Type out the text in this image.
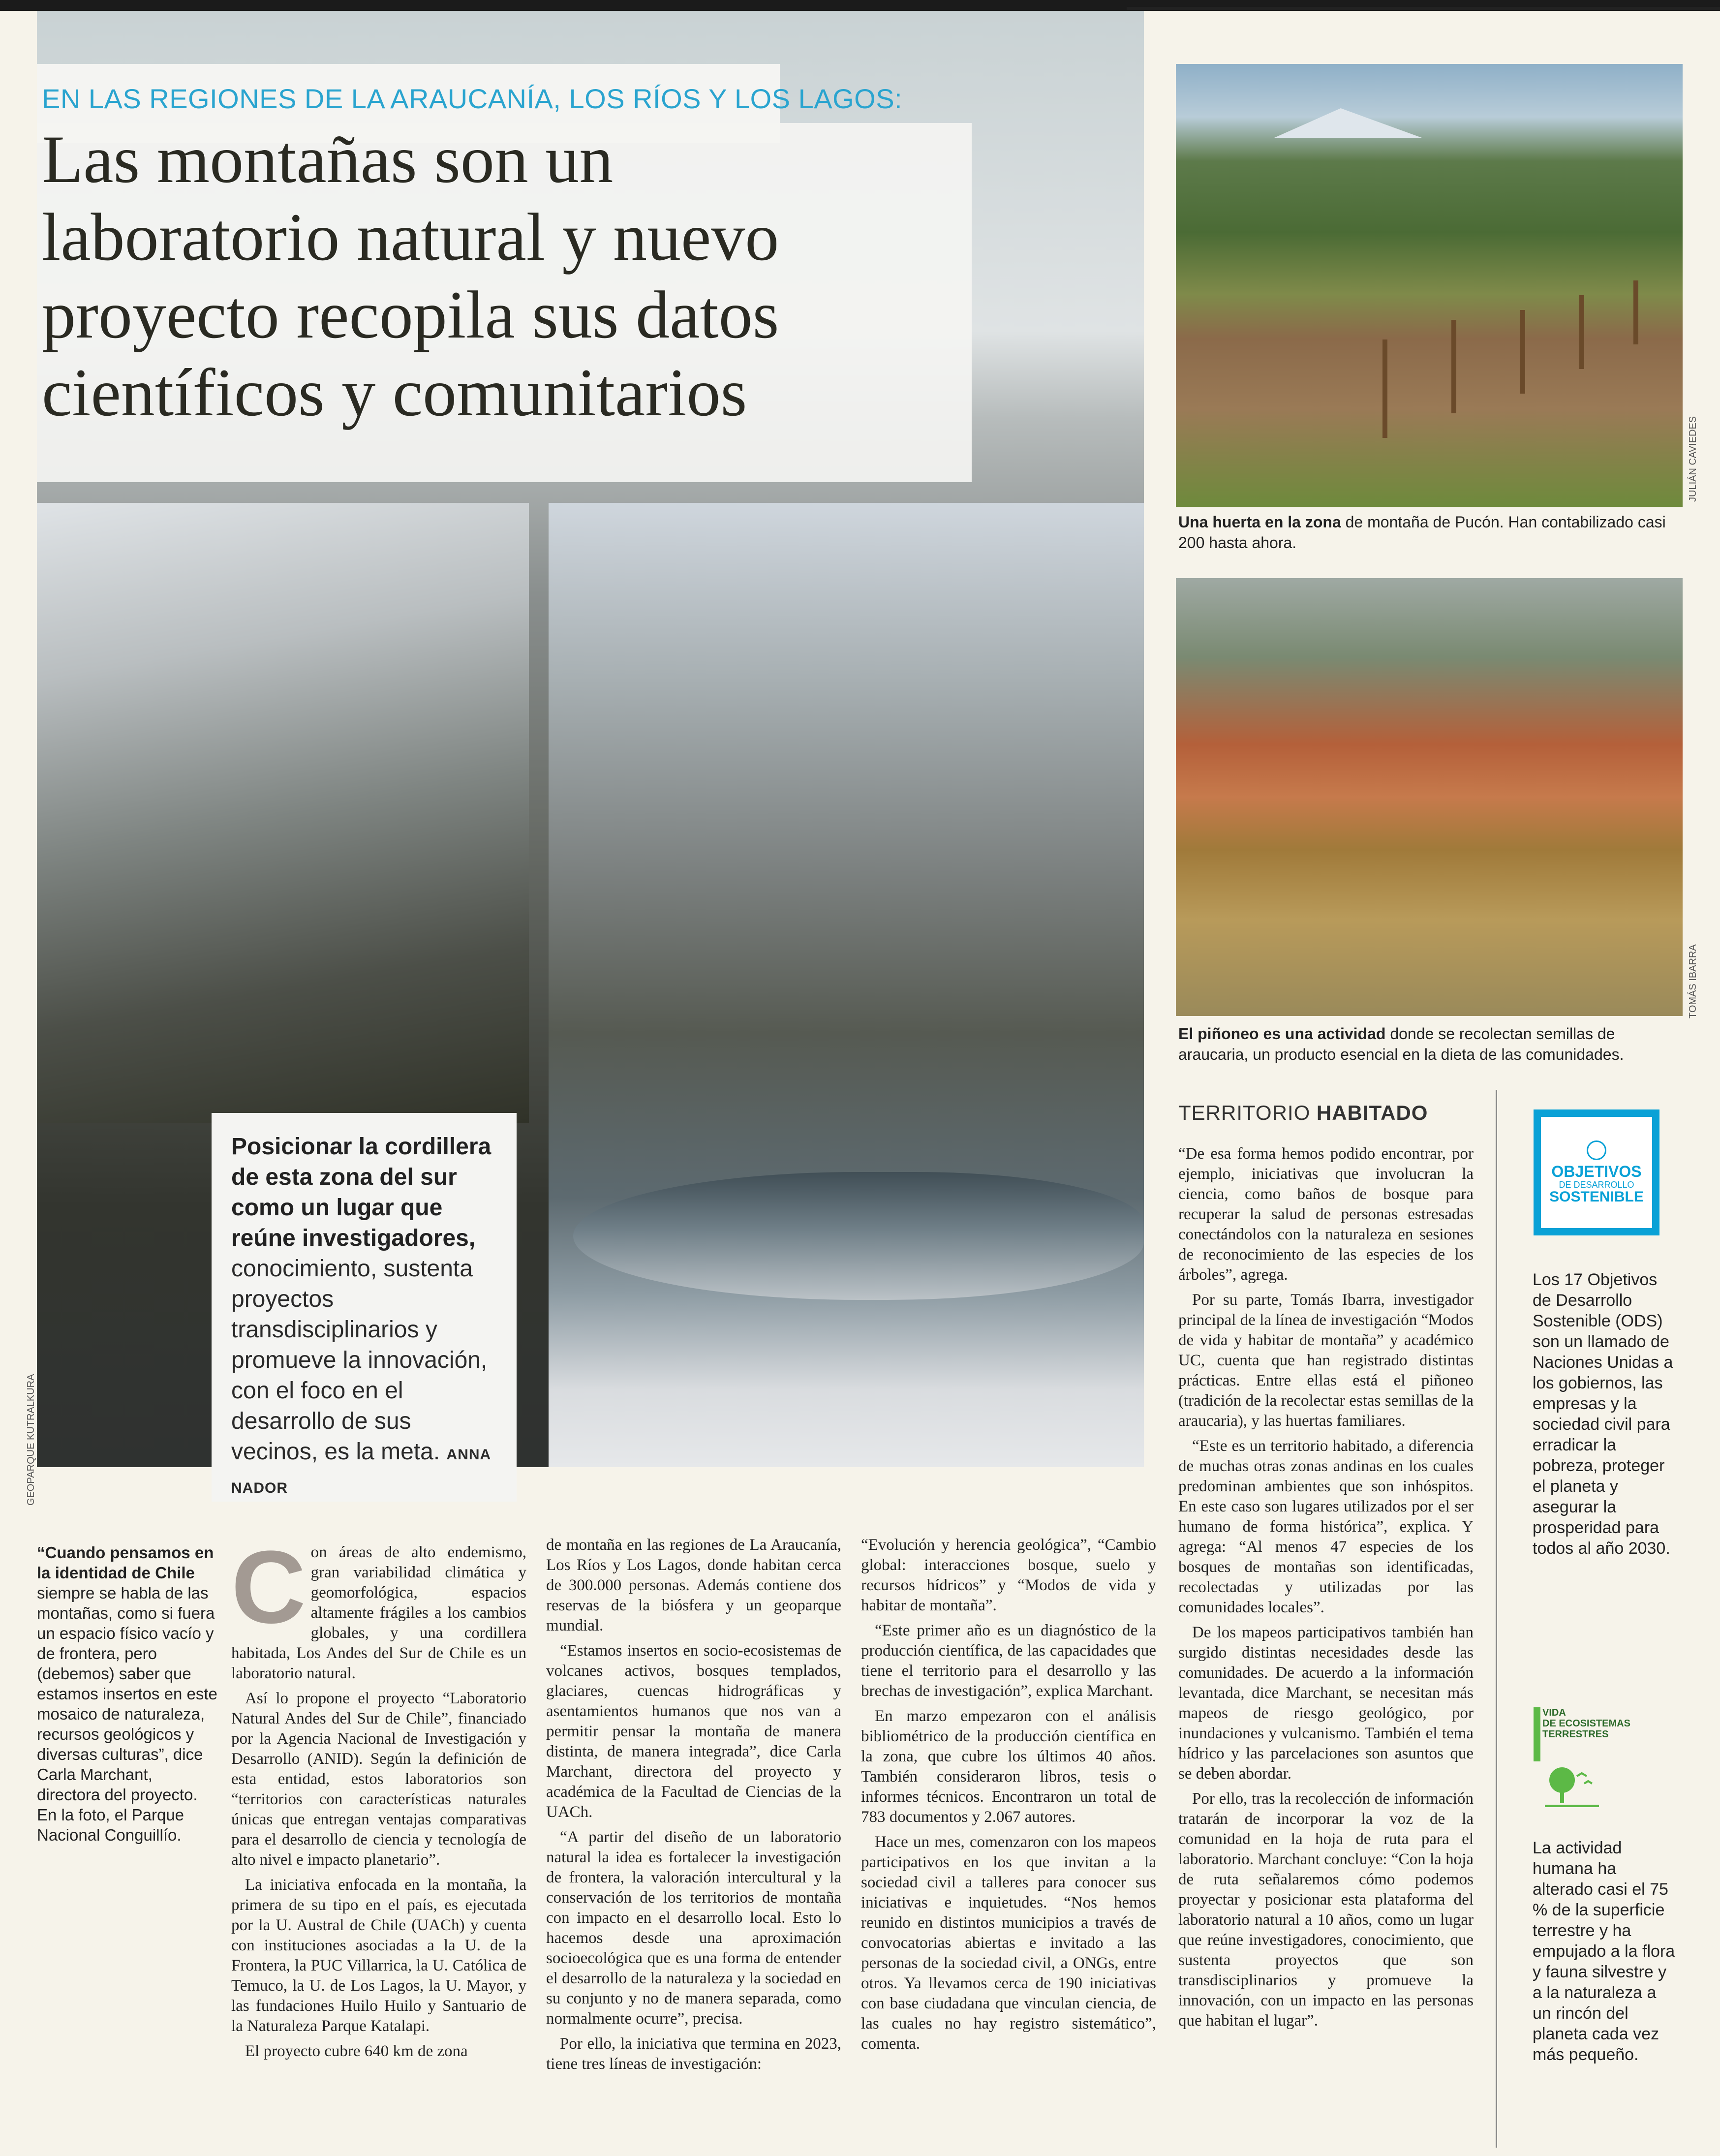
GEOPARQUE KUTRALKURA
EN LAS REGIONES DE LA ARAUCANÍA, LOS RÍOS Y LOS LAGOS:
Las montañas son un
laboratorio natural y nuevo
proyecto recopila sus datos
científicos y comunitarios
Posicionar la cordillera de esta zona del sur como un lugar que reúne investigadores, conocimiento, sustenta proyectos transdisciplinarios y promueve la innovación, con el foco en el desarrollo de sus vecinos, es la meta. ANNA NADOR
JULIÁN CAVIEDES
Una huerta en la zona de montaña de Pucón. Han contabilizado casi 200 hasta ahora.
TOMÁS IBARRA
El piñoneo es una actividad donde se recolectan semillas de araucaria, un producto esencial en la dieta de las comunidades.
“Cuando pensamos en la identidad de Chile siempre se habla de las montañas, como si fuera un espacio físico vacío y de frontera, pero (debemos) saber que estamos insertos en este mosaico de naturaleza, recursos geológicos y diversas culturas”, dice Carla Marchant, directora del proyecto. En la foto, el Parque Nacional Conguillío.

Con áreas de alto endemismo, gran variabilidad climática y geomorfológica, espacios altamente frágiles a los cambios globales, y una cordillera habitada, Los Andes del Sur de Chile es un laboratorio natural.

Así lo propone el proyecto “Laboratorio Natural Andes del Sur de Chile”, financiado por la Agencia Nacional de Investigación y Desarrollo (ANID). Según la definición de esta entidad, estos laboratorios son “territorios con características naturales únicas que entregan ventajas comparativas para el desarrollo de ciencia y tecnología de alto nivel e impacto planetario”.

La iniciativa enfocada en la montaña, la primera de su tipo en el país, es ejecutada por la U. Austral de Chile (UACh) y cuenta con instituciones asociadas a la U. de la Frontera, la PUC Villarrica, la U. Católica de Temuco, la U. de Los Lagos, la U. Mayor, y las fundaciones Huilo Huilo y Santuario de la Naturaleza Parque Katalapi.

El proyecto cubre 640 km de zona

de montaña en las regiones de La Araucanía, Los Ríos y Los Lagos, donde habitan cerca de 300.000 personas. Además contiene dos reservas de la biósfera y un geoparque mundial.

“Estamos insertos en socio-ecosistemas de volcanes activos, bosques templados, glaciares, cuencas hidrográficas y asentamientos humanos que nos van a permitir pensar la montaña de manera distinta, de manera integrada”, dice Carla Marchant, directora del proyecto y académica de la Facultad de Ciencias de la UACh.

“A partir del diseño de un laboratorio natural la idea es fortalecer la investigación de frontera, la valoración intercultural y la conservación de los territorios de montaña con impacto en el desarrollo local. Esto lo hacemos desde una aproximación socioecológica que es una forma de entender el desarrollo de la naturaleza y la sociedad en su conjunto y no de manera separada, como normalmente ocurre”, precisa.

Por ello, la iniciativa que termina en 2023, tiene tres líneas de investigación:

“Evolución y herencia geológica”, “Cambio global: interacciones bosque, suelo y recursos hídricos” y “Modos de vida y habitar de montaña”.

“Este primer año es un diagnóstico de la producción científica, de las capacidades que tiene el territorio para el desarrollo y las brechas de investigación”, explica Marchant.

En marzo empezaron con el análisis bibliométrico de la producción científica en la zona, que cubre los últimos 40 años. También consideraron libros, tesis o informes técnicos. Encontraron un total de 783 documentos y 2.067 autores.

Hace un mes, comenzaron con los mapeos participativos en los que invitan a la sociedad civil a talleres para conocer sus iniciativas e inquietudes. “Nos hemos reunido en distintos municipios a través de convocatorias abiertas e invitado a las personas de la sociedad civil, a ONGs, entre otros. Ya llevamos cerca de 190 iniciativas con base ciudadana que vinculan ciencia, de las cuales no hay registro sistemático”, comenta.

TERRITORIO HABITADO

“De esa forma hemos podido encontrar, por ejemplo, iniciativas que involucran la ciencia, como baños de bosque para recuperar la salud de personas estresadas conectándolos con la naturaleza en sesiones de reconocimiento de las especies de los árboles”, agrega.

Por su parte, Tomás Ibarra, investigador principal de la línea de investigación “Modos de vida y habitar de montaña” y académico UC, cuenta que han registrado distintas prácticas. Entre ellas está el piñoneo (tradición de la recolectar estas semillas de la araucaria), y las huertas familiares.

“Este es un territorio habitado, a diferencia de muchas otras zonas andinas en los cuales predominan ambientes que son inhóspitos. En este caso son lugares utilizados por el ser humano de forma histórica”, explica. Y agrega: “Al menos 47 especies de los bosques de montañas son identificadas, recolectadas y utilizadas por las comunidades locales”.

De los mapeos participativos también han surgido distintas necesidades desde las comunidades. De acuerdo a la información levantada, dice Marchant, se necesitan más mapeos de riesgo geológico, por inundaciones y vulcanismo. También el tema hídrico y las parcelaciones son asuntos que se deben abordar.

Por ello, tras la recolección de información tratarán de incorporar la voz de la comunidad en la hoja de ruta para el laboratorio. Marchant concluye: “Con la hoja de ruta señalaremos cómo podemos proyectar y posicionar esta plataforma del laboratorio natural a 10 años, como un lugar que reúne investigadores, conocimiento, que sustenta proyectos que son transdisciplinarios y promueve la innovación, con un impacto en las personas que habitan el lugar”.

OBJETIVOS
DE DESARROLLO
SOSTENIBLE
Los 17 Objetivos de Desarrollo Sostenible (ODS) son un llamado de Naciones Unidas a los gobiernos, las empresas y la sociedad civil para erradicar la pobreza, proteger el planeta y asegurar la prosperidad para todos al año 2030.
VIDA
DE ECOSISTEMAS
TERRESTRES
La actividad humana ha alterado casi el 75 % de la superficie terrestre y ha empujado a la flora y fauna silvestre y a la naturaleza a un rincón del planeta cada vez más pequeño.
